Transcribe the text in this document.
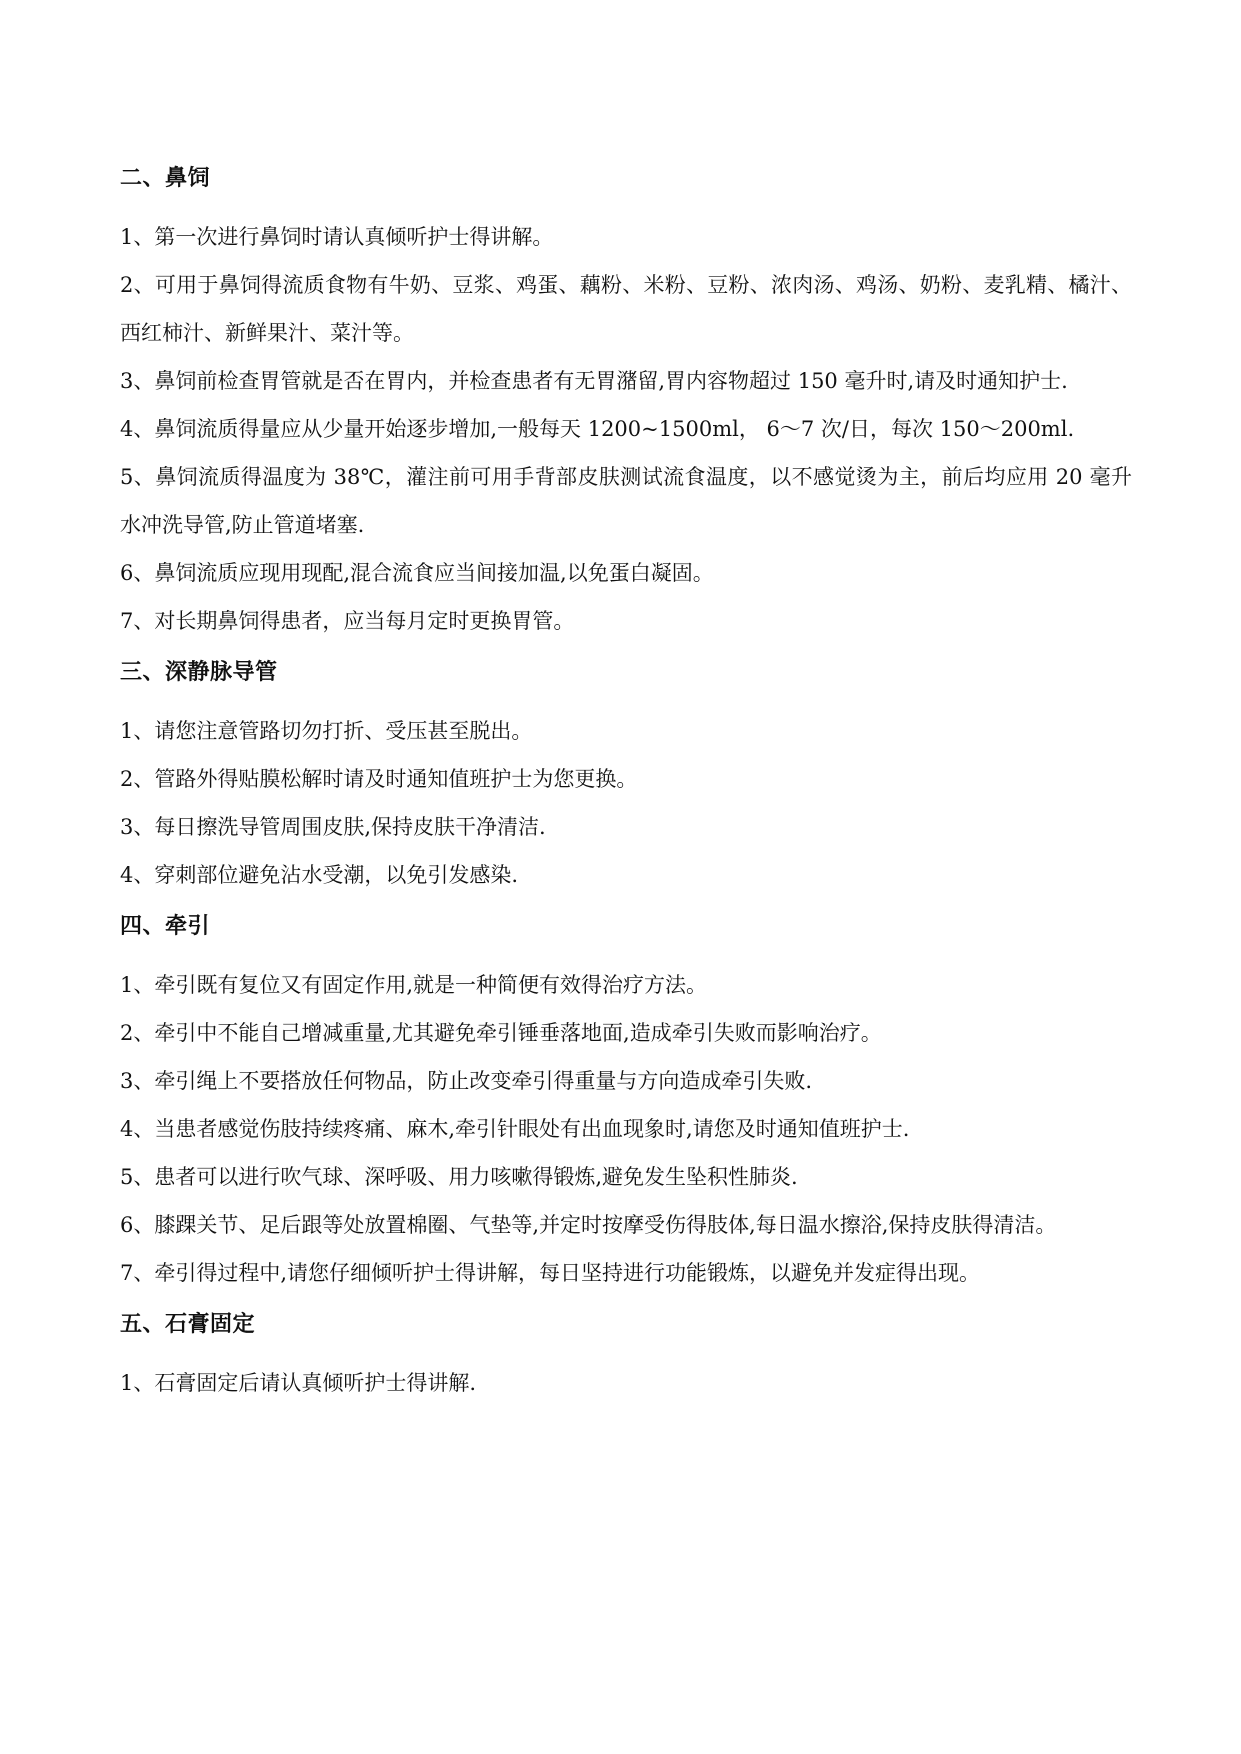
二、鼻饲

1、第一次进行鼻饲时请认真倾听护士得讲解。

2、可用于鼻饲得流质食物有牛奶、豆浆、鸡蛋、藕粉、米粉、豆粉、浓肉汤、鸡汤、奶粉、麦乳精、橘汁、西红柿汁、新鲜果汁、菜汁等。

3、鼻饲前检查胃管就是否在胃内，并检查患者有无胃潴留,胃内容物超过 150 毫升时,请及时通知护士.

4、鼻饲流质得量应从少量开始逐步增加,一般每天 1200~1500ml， 6～7 次/日，每次 150～200ml.

5、鼻饲流质得温度为 38℃，灌注前可用手背部皮肤测试流食温度，以不感觉烫为主，前后均应用 20 毫升水冲洗导管,防止管道堵塞.

6、鼻饲流质应现用现配,混合流食应当间接加温,以免蛋白凝固。

7、对长期鼻饲得患者，应当每月定时更换胃管。

三、深静脉导管

1、请您注意管路切勿打折、受压甚至脱出。

2、管路外得贴膜松解时请及时通知值班护士为您更换。

3、每日擦洗导管周围皮肤,保持皮肤干净清洁.

4、穿刺部位避免沾水受潮，以免引发感染.

四、牵引

1、牵引既有复位又有固定作用,就是一种简便有效得治疗方法。

2、牵引中不能自己增减重量,尤其避免牵引锤垂落地面,造成牵引失败而影响治疗。

3、牵引绳上不要搭放任何物品，防止改变牵引得重量与方向造成牵引失败.

4、当患者感觉伤肢持续疼痛、麻木,牵引针眼处有出血现象时,请您及时通知值班护士.

5、患者可以进行吹气球、深呼吸、用力咳嗽得锻炼,避免发生坠积性肺炎.

6、膝踝关节、足后跟等处放置棉圈、气垫等,并定时按摩受伤得肢体,每日温水擦浴,保持皮肤得清洁。

7、牵引得过程中,请您仔细倾听护士得讲解，每日坚持进行功能锻炼，以避免并发症得出现。

五、石膏固定

1、石膏固定后请认真倾听护士得讲解.
